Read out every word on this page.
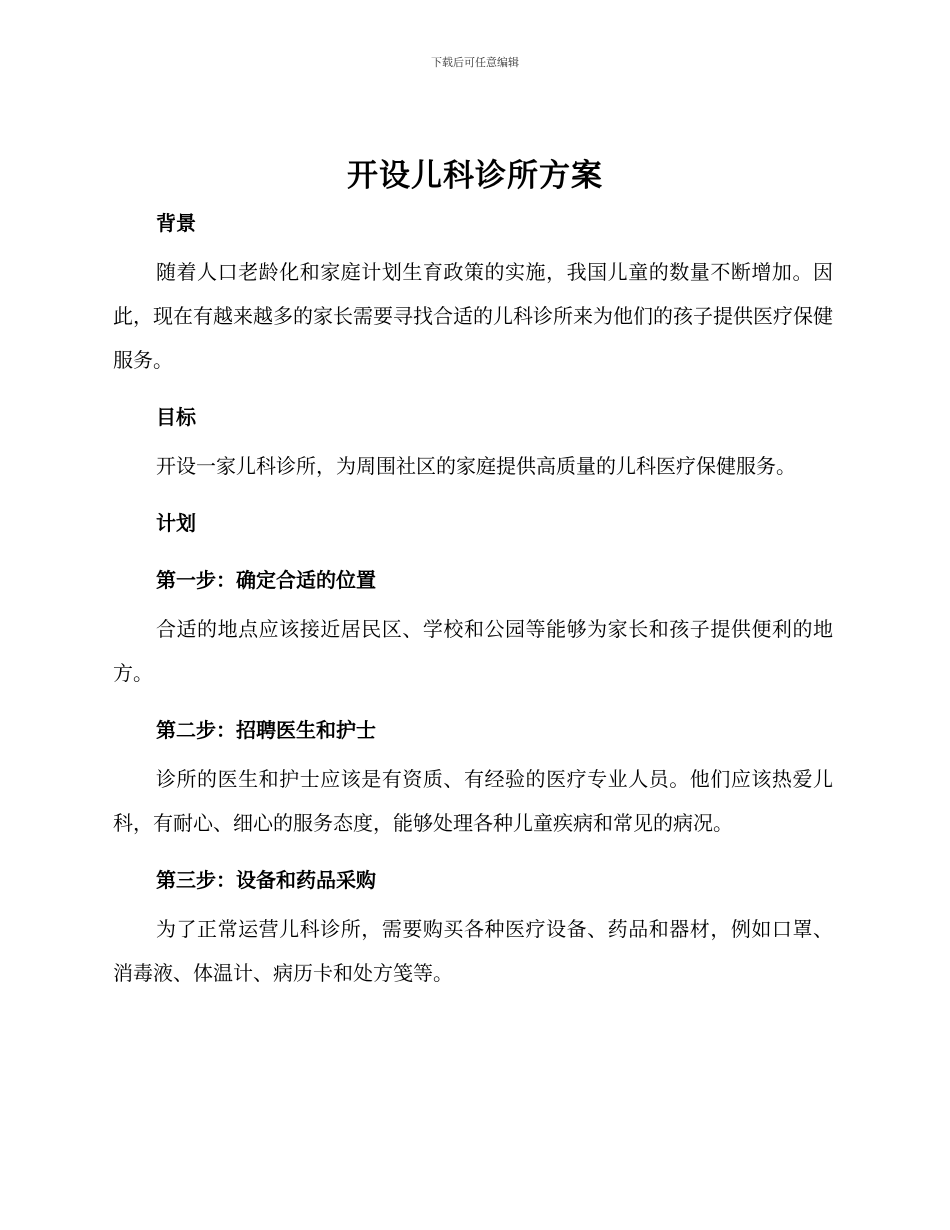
下载后可任意编辑
开设儿科诊所方案

背景

随着人口老龄化和家庭计划生育政策的实施，我国儿童的数量不断增加。因此，现在有越来越多的家长需要寻找合适的儿科诊所来为他们的孩子提供医疗保健服务。

目标

开设一家儿科诊所，为周围社区的家庭提供高质量的儿科医疗保健服务。

计划

第一步：确定合适的位置

合适的地点应该接近居民区、学校和公园等能够为家长和孩子提供便利的地方。

第二步：招聘医生和护士

诊所的医生和护士应该是有资质、有经验的医疗专业人员。他们应该热爱儿科，有耐心、细心的服务态度，能够处理各种儿童疾病和常见的病况。

第三步：设备和药品采购

为了正常运营儿科诊所，需要购买各种医疗设备、药品和器材，例如口罩、消毒液、体温计、病历卡和处方笺等。
